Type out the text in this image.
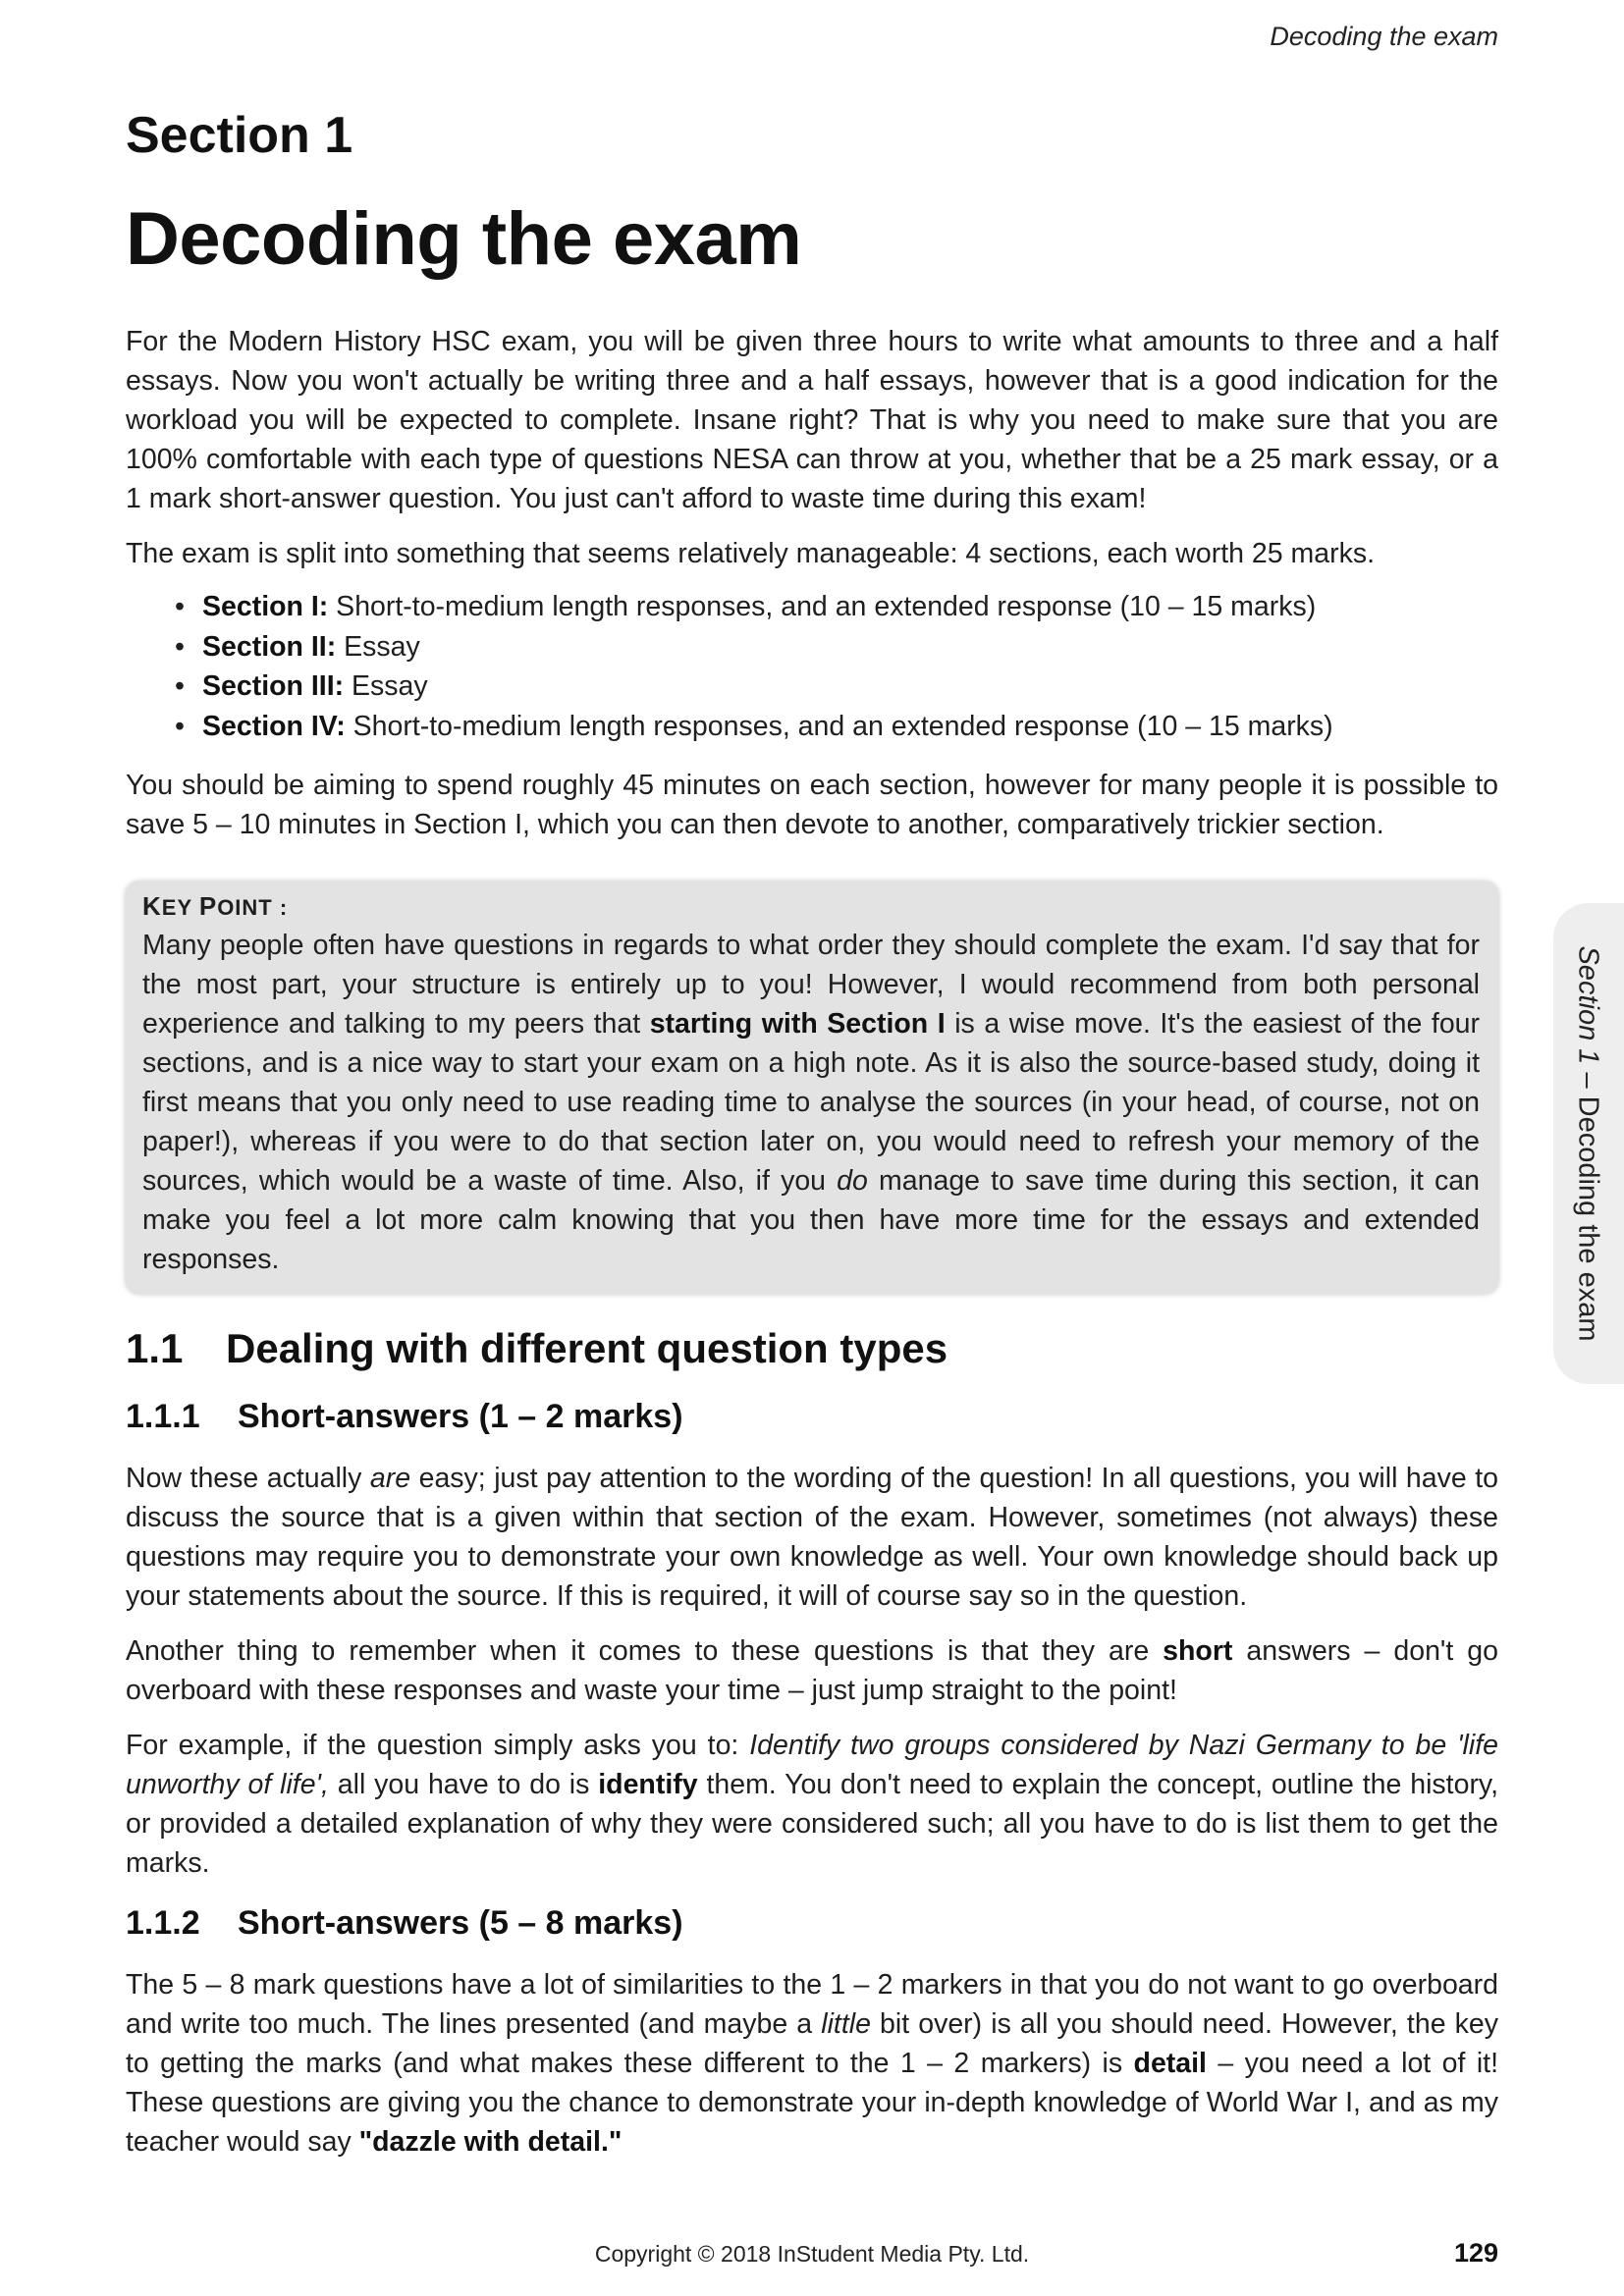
Decoding the exam
Section 1
Decoding the exam
For the Modern History HSC exam, you will be given three hours to write what amounts to three and a half essays. Now you won't actually be writing three and a half essays, however that is a good indication for the workload you will be expected to complete. Insane right? That is why you need to make sure that you are 100% comfortable with each type of questions NESA can throw at you, whether that be a 25 mark essay, or a 1 mark short-answer question. You just can't afford to waste time during this exam!
The exam is split into something that seems relatively manageable: 4 sections, each worth 25 marks.
• Section I: Short-to-medium length responses, and an extended response (10 – 15 marks)
• Section II: Essay
• Section III: Essay
• Section IV: Short-to-medium length responses, and an extended response (10 – 15 marks)
You should be aiming to spend roughly 45 minutes on each section, however for many people it is possible to save 5 – 10 minutes in Section I, which you can then devote to another, comparatively trickier section.
KEY POINT :
Many people often have questions in regards to what order they should complete the exam. I'd say that for the most part, your structure is entirely up to you! However, I would recommend from both personal experience and talking to my peers that starting with Section I is a wise move. It's the easiest of the four sections, and is a nice way to start your exam on a high note. As it is also the source-based study, doing it first means that you only need to use reading time to analyse the sources (in your head, of course, not on paper!), whereas if you were to do that section later on, you would need to refresh your memory of the sources, which would be a waste of time. Also, if you do manage to save time during this section, it can make you feel a lot more calm knowing that you then have more time for the essays and extended responses.
Section 1 – Decoding the exam
1.1 Dealing with different question types
1.1.1 Short-answers (1 – 2 marks)
Now these actually are easy; just pay attention to the wording of the question! In all questions, you will have to discuss the source that is a given within that section of the exam. However, sometimes (not always) these questions may require you to demonstrate your own knowledge as well. Your own knowledge should back up your statements about the source. If this is required, it will of course say so in the question.
Another thing to remember when it comes to these questions is that they are short answers – don't go overboard with these responses and waste your time – just jump straight to the point!
For example, if the question simply asks you to: Identify two groups considered by Nazi Germany to be 'life unworthy of life', all you have to do is identify them. You don't need to explain the concept, outline the history, or provided a detailed explanation of why they were considered such; all you have to do is list them to get the marks.
1.1.2 Short-answers (5 – 8 marks)
The 5 – 8 mark questions have a lot of similarities to the 1 – 2 markers in that you do not want to go overboard and write too much. The lines presented (and maybe a little bit over) is all you should need. However, the key to getting the marks (and what makes these different to the 1 – 2 markers) is detail – you need a lot of it! These questions are giving you the chance to demonstrate your in-depth knowledge of World War I, and as my teacher would say "dazzle with detail."
Copyright © 2018 InStudent Media Pty. Ltd.	129
